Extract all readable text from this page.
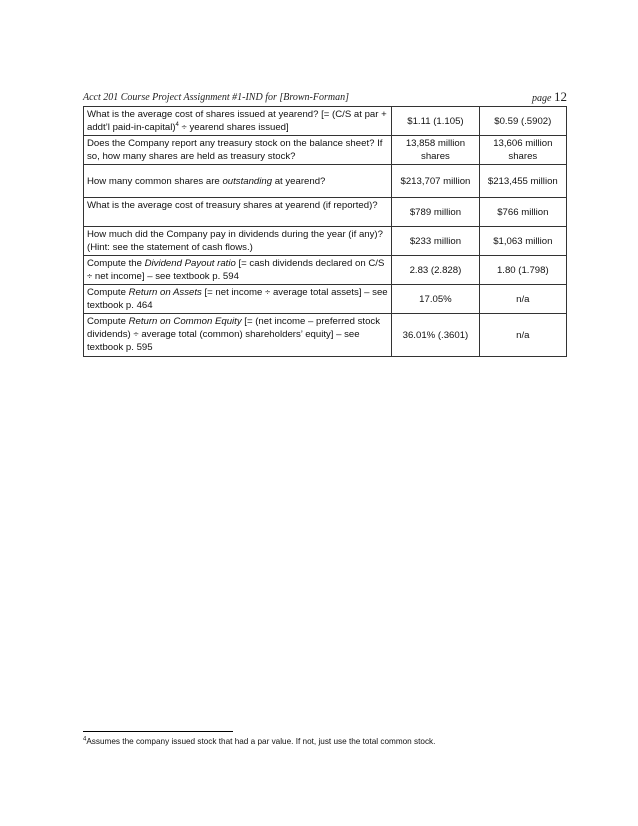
Acct 201 Course Project Assignment #1-IND for [Brown-Forman]	page 12
What is the average cost of shares issued at yearend? [= (C/S at par + addt’l paid-in-capital)$^4$ ÷ yearend shares issued]	$1.11 (1.105)	$0.59 (.5902)
Does the Company report any treasury stock on the balance sheet? If so, how many shares are held as treasury stock?	13,858 million shares	13,606 million shares
How many common shares are outstanding at yearend?	$213,707 million	$213,455 million
What is the average cost of treasury shares at yearend (if reported)?	$789 million	$766 million
How much did the Company pay in dividends during the year (if any)? (Hint: see the statement of cash flows.)	$233 million	$1,063 million
Compute the Dividend Payout ratio [= cash dividends declared on C/S ÷ net income] – see textbook p. 594	2.83 (2.828)	1.80 (1.798)
Compute Return on Assets [= net income ÷ average total assets] – see textbook p. 464	17.05%	n/a
Compute Return on Common Equity [= (net income – preferred stock dividends) ÷ average total (common) shareholders’ equity] – see textbook p. 595	36.01% (.3601)	n/a
$^4$Assumes the company issued stock that had a par value. If not, just use the total common stock.
